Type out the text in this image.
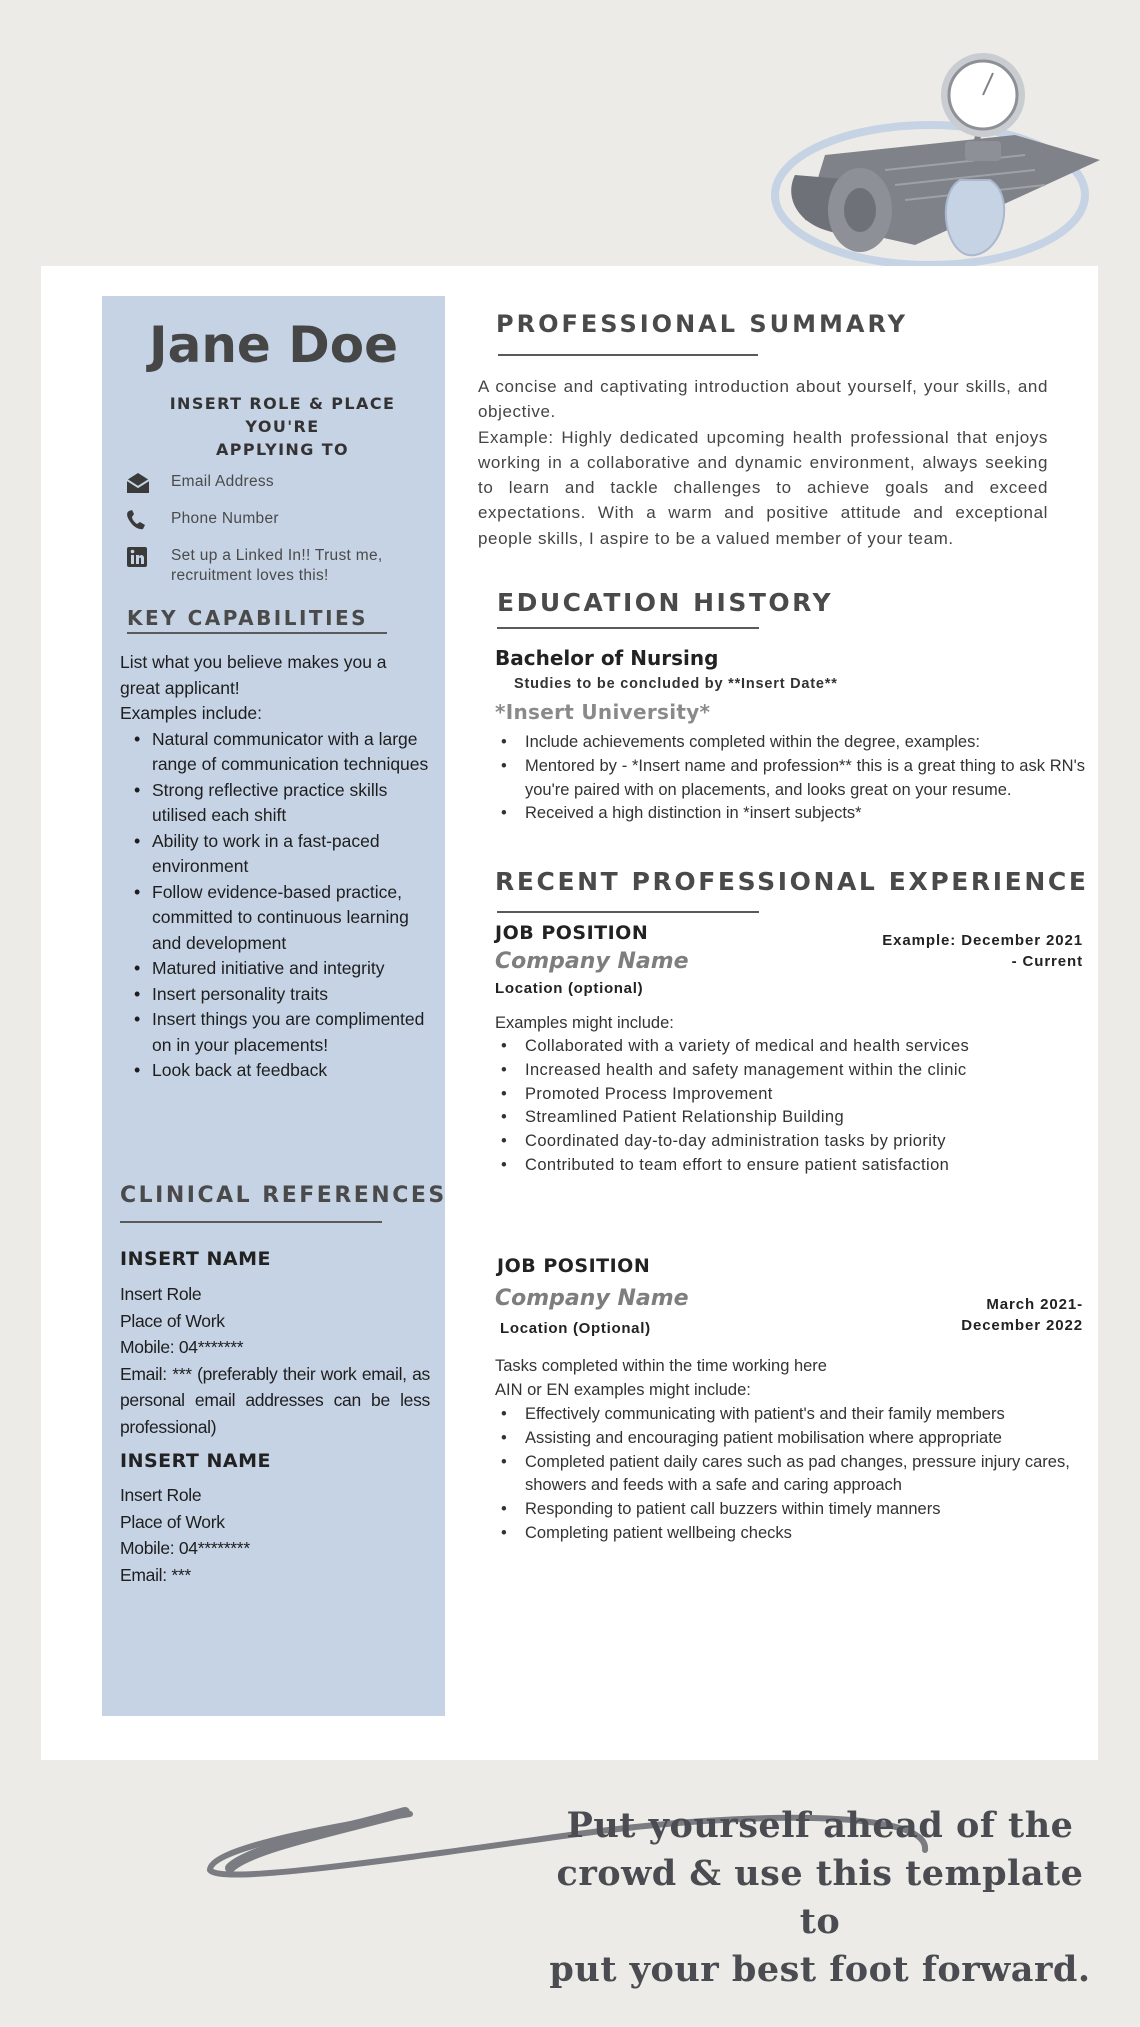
Jane Doe
INSERT ROLE & PLACE YOU'RE
APPLYING TO
Email Address
Phone Number
Set up a Linked In!! Trust me,
recruitment loves this!
KEY CAPABILITIES
List what you believe makes you a
great applicant!
Examples include:
• Natural communicator with a large range of communication techniques
• Strong reflective practice skills utilised each shift
• Ability to work in a fast-paced environment
• Follow evidence-based practice, committed to continuous learning and development
• Matured initiative and integrity
• Insert personality traits
• Insert things you are complimented on in your placements!
• Look back at feedback
CLINICAL REFERENCES
INSERT NAME
Insert Role
Place of Work
Mobile: 04*******
Email: *** (preferably their work email, as personal email addresses can be less professional)
INSERT NAME
Insert Role
Place of Work
Mobile: 04********
Email: ***
PROFESSIONAL SUMMARY
A concise and captivating introduction about yourself, your skills, and objective.
Example: Highly dedicated upcoming health professional that enjoys working in a collaborative and dynamic environment, always seeking to learn and tackle challenges to achieve goals and exceed expectations. With a warm and positive attitude and exceptional people skills, I aspire to be a valued member of your team.
EDUCATION HISTORY
Bachelor of Nursing
Studies to be concluded by **Insert Date**
*Insert University*
• Include achievements completed within the degree, examples:
• Mentored by - *Insert name and profession** this is a great thing to ask RN's you're paired with on placements, and looks great on your resume.
• Received a high distinction in *insert subjects*
RECENT PROFESSIONAL EXPERIENCE
JOB POSITION	Example: December 2021
- Current
Company Name
Location (optional)
Examples might include:
• Collaborated with a variety of medical and health services
• Increased health and safety management within the clinic
• Promoted Process Improvement
• Streamlined Patient Relationship Building
• Coordinated day-to-day administration tasks by priority
• Contributed to team effort to ensure patient satisfaction
JOB POSITION
Company Name	March 2021-
December 2022
Location (Optional)
Tasks completed within the time working here
AIN or EN examples might include:
• Effectively communicating with patient's and their family members
• Assisting and encouraging patient mobilisation where appropriate
• Completed patient daily cares such as pad changes, pressure injury cares, showers and feeds with a safe and caring approach
• Responding to patient call buzzers within timely manners
• Completing patient wellbeing checks
Put yourself ahead of the
crowd & use this template to
put your best foot forward.
